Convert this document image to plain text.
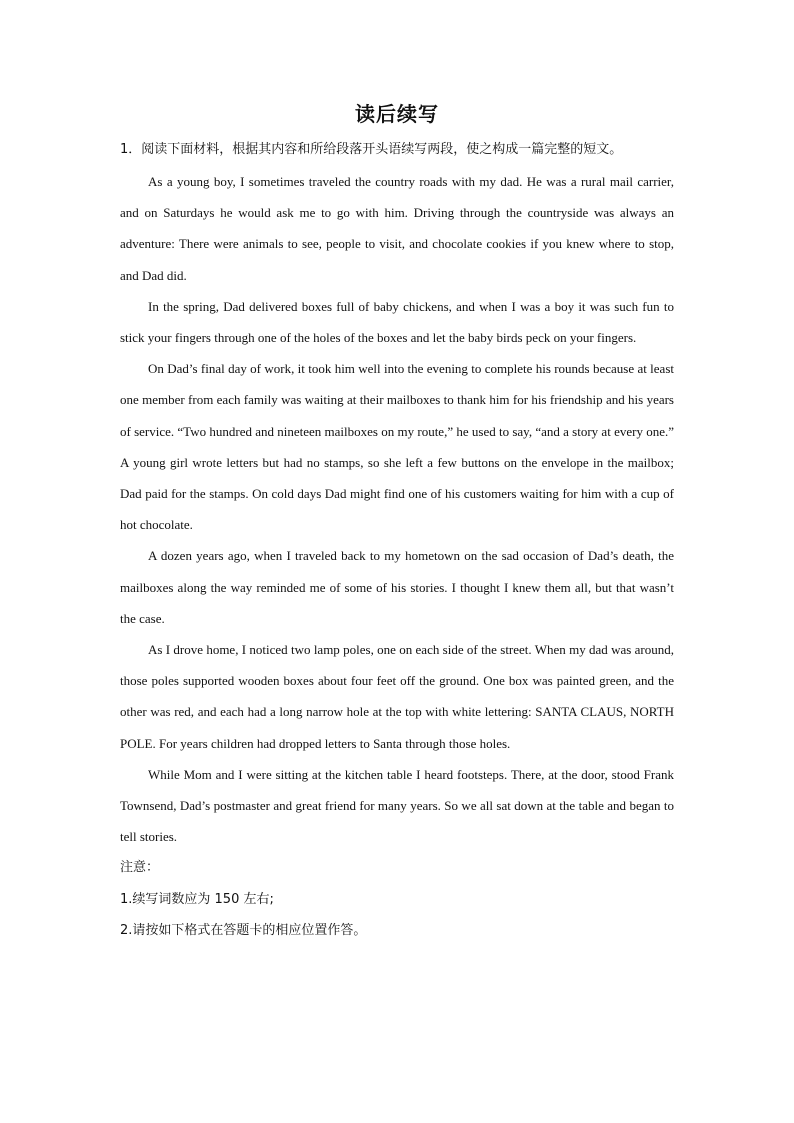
读后续写

1．阅读下面材料，根据其内容和所给段落开头语续写两段，使之构成一篇完整的短文。

As a young boy, I sometimes traveled the country roads with my dad. He was a rural mail carrier, and on Saturdays he would ask me to go with him. Driving through the countryside was always an adventure: There were animals to see, people to visit, and chocolate cookies if you knew where to stop, and Dad did.

In the spring, Dad delivered boxes full of baby chickens, and when I was a boy it was such fun to stick your fingers through one of the holes of the boxes and let the baby birds peck on your fingers.

On Dad’s final day of work, it took him well into the evening to complete his rounds because at least one member from each family was waiting at their mailboxes to thank him for his friendship and his years of service. “Two hundred and nineteen mailboxes on my route,” he used to say, “and a story at every one.” A young girl wrote letters but had no stamps, so she left a few buttons on the envelope in the mailbox; Dad paid for the stamps. On cold days Dad might find one of his customers waiting for him with a cup of hot chocolate.

A dozen years ago, when I traveled back to my hometown on the sad occasion of Dad’s death, the mailboxes along the way reminded me of some of his stories. I thought I knew them all, but that wasn’t the case.

As I drove home, I noticed two lamp poles, one on each side of the street. When my dad was around, those poles supported wooden boxes about four feet off the ground. One box was painted green, and the other was red, and each had a long narrow hole at the top with white lettering: SANTA CLAUS, NORTH POLE. For years children had dropped letters to Santa through those holes.

While Mom and I were sitting at the kitchen table I heard footsteps. There, at the door, stood Frank Townsend, Dad’s postmaster and great friend for many years. So we all sat down at the table and began to tell stories.

注意：

1.续写词数应为 150 左右;

2.请按如下格式在答题卡的相应位置作答。
